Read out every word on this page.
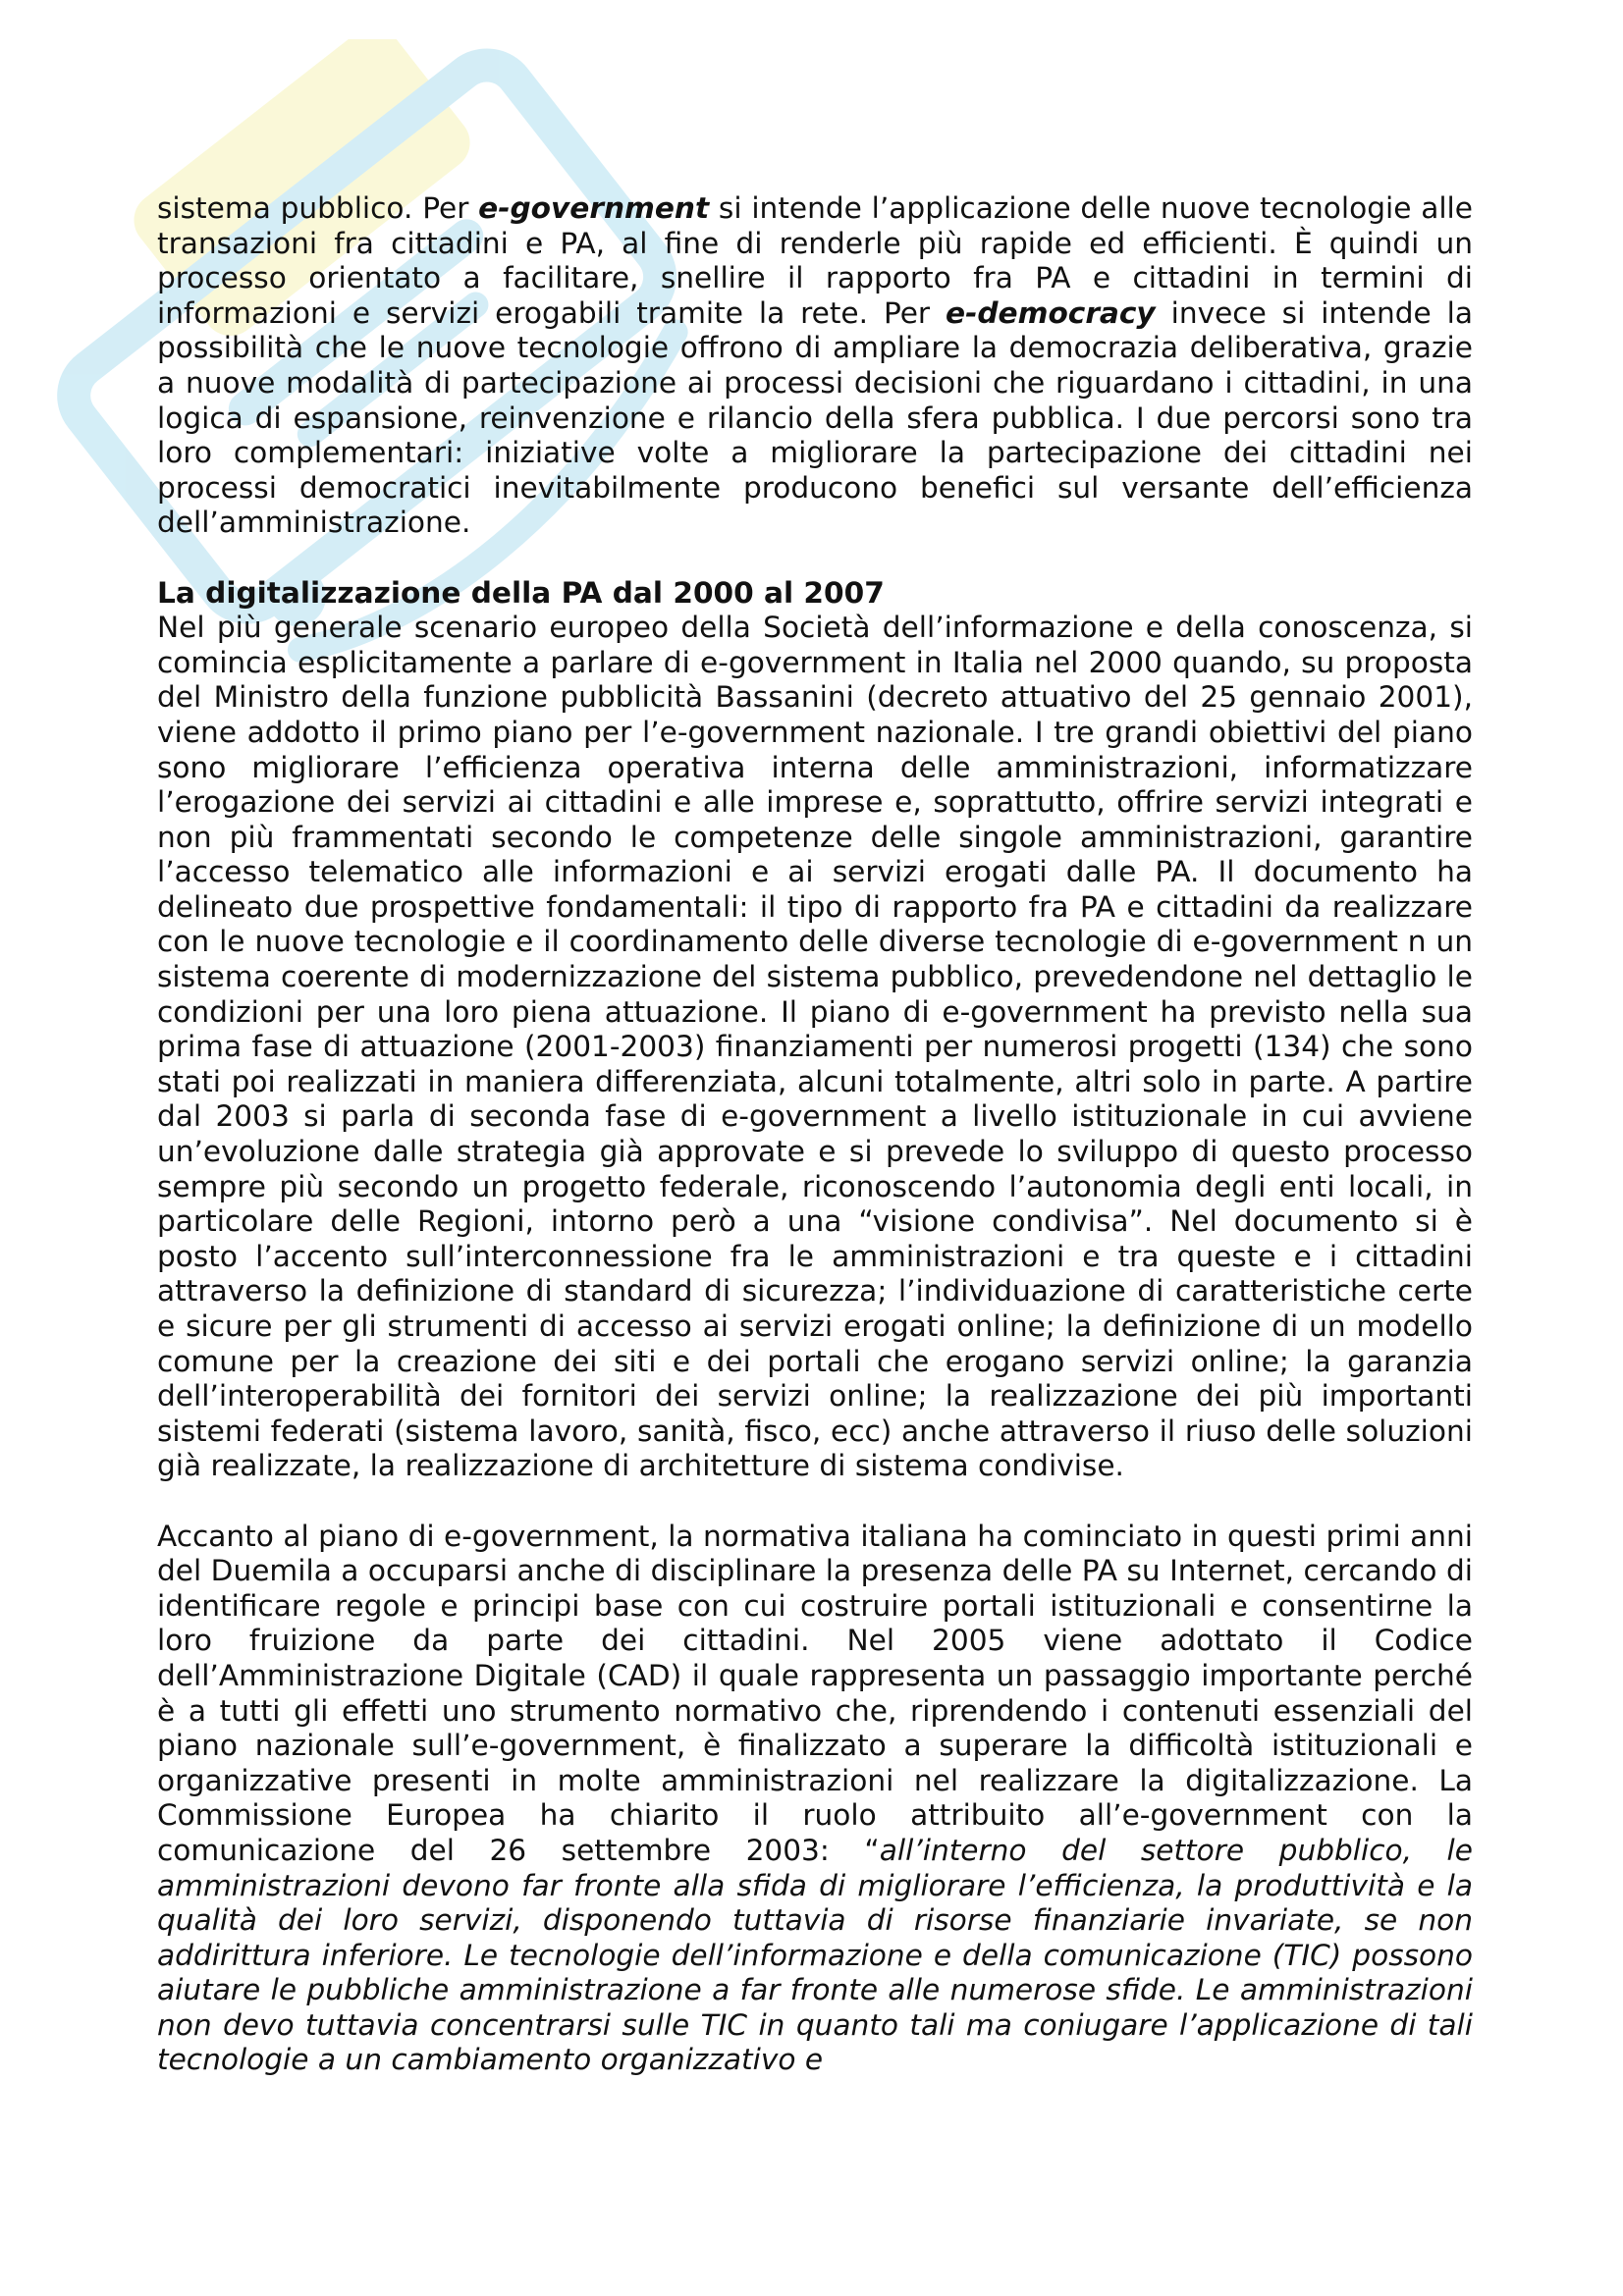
sistema pubblico. Per e-government si intende l’applicazione delle nuove tecnologie alle transazioni fra cittadini e PA, al fine di renderle più rapide ed efficienti. È quindi un processo orientato a facilitare, snellire il rapporto fra PA e cittadini in termini di informazioni e servizi erogabili tramite la rete. Per e-democracy invece si intende la possibilità che le nuove tecnologie offrono di ampliare la democrazia deliberativa, grazie a nuove modalità di partecipazione ai processi decisioni che riguardano i cittadini, in una logica di espansione, reinvenzione e rilancio della sfera pubblica. I due percorsi sono tra loro complementari: iniziative volte a migliorare la partecipazione dei cittadini nei processi democratici inevitabilmente producono benefici sul versante dell’efficienza dell’amministrazione.

La digitalizzazione della PA dal 2000 al 2007

Nel più generale scenario europeo della Società dell’informazione e della conoscenza, si comincia esplicitamente a parlare di e-government in Italia nel 2000 quando, su proposta del Ministro della funzione pubblicità Bassanini (decreto attuativo del 25 gennaio 2001), viene addotto il primo piano per l’e-government nazionale. I tre grandi obiettivi del piano sono migliorare l’efficienza operativa interna delle amministrazioni, informatizzare l’erogazione dei servizi ai cittadini e alle imprese e, soprattutto, offrire servizi integrati e non più frammentati secondo le competenze delle singole amministrazioni, garantire l’accesso telematico alle informazioni e ai servizi erogati dalle PA. Il documento ha delineato due prospettive fondamentali: il tipo di rapporto fra PA e cittadini da realizzare con le nuove tecnologie e il coordinamento delle diverse tecnologie di e-government n un sistema coerente di modernizzazione del sistema pubblico, prevedendone nel dettaglio le condizioni per una loro piena attuazione. Il piano di e-government ha previsto nella sua prima fase di attuazione (2001-2003) finanziamenti per numerosi progetti (134) che sono stati poi realizzati in maniera differenziata, alcuni totalmente, altri solo in parte. A partire dal 2003 si parla di seconda fase di e-government a livello istituzionale in cui avviene un’evoluzione dalle strategia già approvate e si prevede lo sviluppo di questo processo sempre più secondo un progetto federale, riconoscendo l’autonomia degli enti locali, in particolare delle Regioni, intorno però a una “visione condivisa”. Nel documento si è posto l’accento sull’interconnessione fra le amministrazioni e tra queste e i cittadini attraverso la definizione di standard di sicurezza; l’individuazione di caratteristiche certe e sicure per gli strumenti di accesso ai servizi erogati online; la definizione di un modello comune per la creazione dei siti e dei portali che erogano servizi online; la garanzia dell’interoperabilità dei fornitori dei servizi online; la realizzazione dei più importanti sistemi federati (sistema lavoro, sanità, fisco, ecc) anche attraverso il riuso delle soluzioni già realizzate, la realizzazione di architetture di sistema condivise.

Accanto al piano di e-government, la normativa italiana ha cominciato in questi primi anni del Duemila a occuparsi anche di disciplinare la presenza delle PA su Internet, cercando di identificare regole e principi base con cui costruire portali istituzionali e consentirne la loro fruizione da parte dei cittadini. Nel 2005 viene adottato il Codice dell’Amministrazione Digitale (CAD) il quale rappresenta un passaggio importante perché è a tutti gli effetti uno strumento normativo che, riprendendo i contenuti essenziali del piano nazionale sull’e-government, è finalizzato a superare la difficoltà istituzionali e organizzative presenti in molte amministrazioni nel realizzare la digitalizzazione. La Commissione Europea ha chiarito il ruolo attribuito all’e-government con la comunicazione del 26 settembre 2003: “all’interno del settore pubblico, le amministrazioni devono far fronte alla sfida di migliorare l’efficienza, la produttività e la qualità dei loro servizi, disponendo tuttavia di risorse finanziarie invariate, se non addirittura inferiore. Le tecnologie dell’informazione e della comunicazione (TIC) possono aiutare le pubbliche amministrazione a far fronte alle numerose sfide. Le amministrazioni non devo tuttavia concentrarsi sulle TIC in quanto tali ma coniugare l’applicazione di tali tecnologie a un cambiamento organizzativo e
